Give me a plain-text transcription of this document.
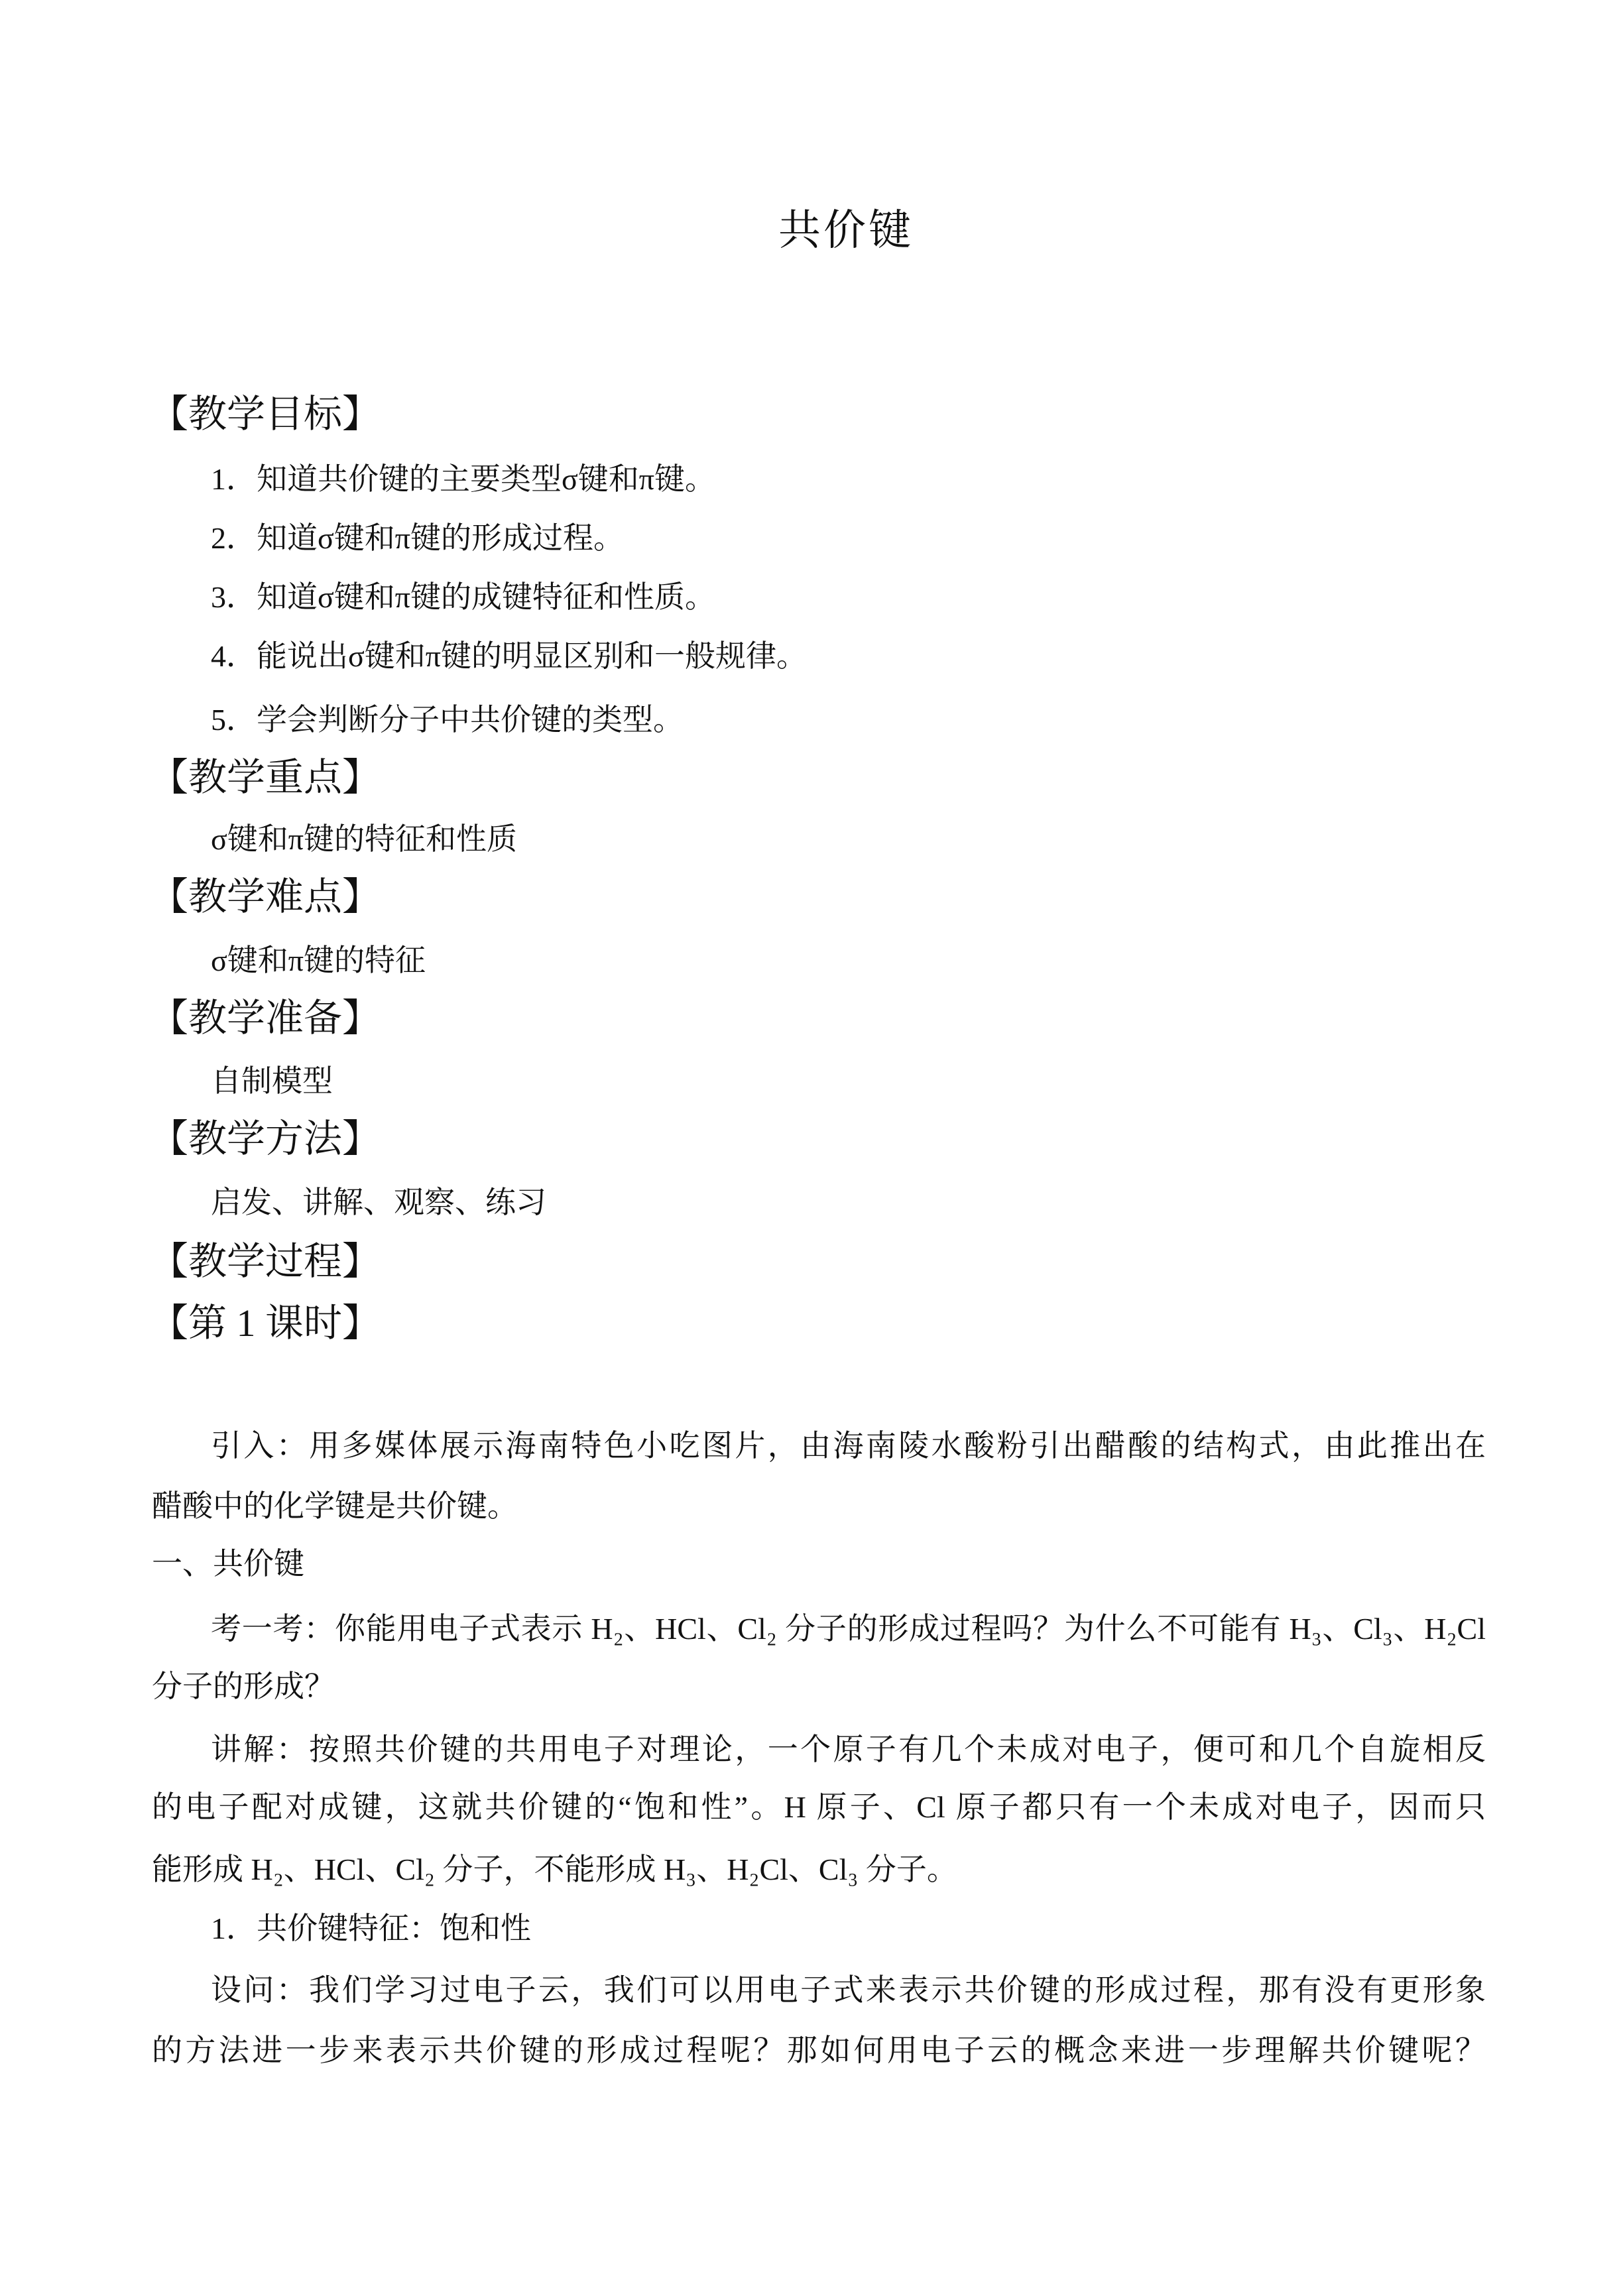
共价键
【教学目标】
1．知道共价键的主要类型σ键和π键。
2．知道σ键和π键的形成过程。
3．知道σ键和π键的成键特征和性质。
4．能说出σ键和π键的明显区别和一般规律。
5．学会判断分子中共价键的类型。
【教学重点】
σ键和π键的特征和性质
【教学难点】
σ键和π键的特征
【教学准备】
自制模型
【教学方法】
启发、讲解、观察、练习
【教学过程】
【第 1 课时】
引入：用多媒体展示海南特色小吃图片，由海南陵水酸粉引出醋酸的结构式，由此推出在
醋酸中的化学键是共价键。
一、共价键
考一考：你能用电子式表示 H₂、HCl、Cl₂ 分子的形成过程吗？为什么不可能有 H₃、Cl₃、H₂Cl
分子的形成？
讲解：按照共价键的共用电子对理论，一个原子有几个未成对电子，便可和几个自旋相反
的电子配对成键，这就共价键的“饱和性”。H 原子、Cl 原子都只有一个未成对电子，因而只
能形成 H₂、HCl、Cl₂ 分子，不能形成 H₃、H₂Cl、Cl₃ 分子。
1．共价键特征：饱和性
设问：我们学习过电子云，我们可以用电子式来表示共价键的形成过程，那有没有更形象
的方法进一步来表示共价键的形成过程呢？那如何用电子云的概念来进一步理解共价键呢？
